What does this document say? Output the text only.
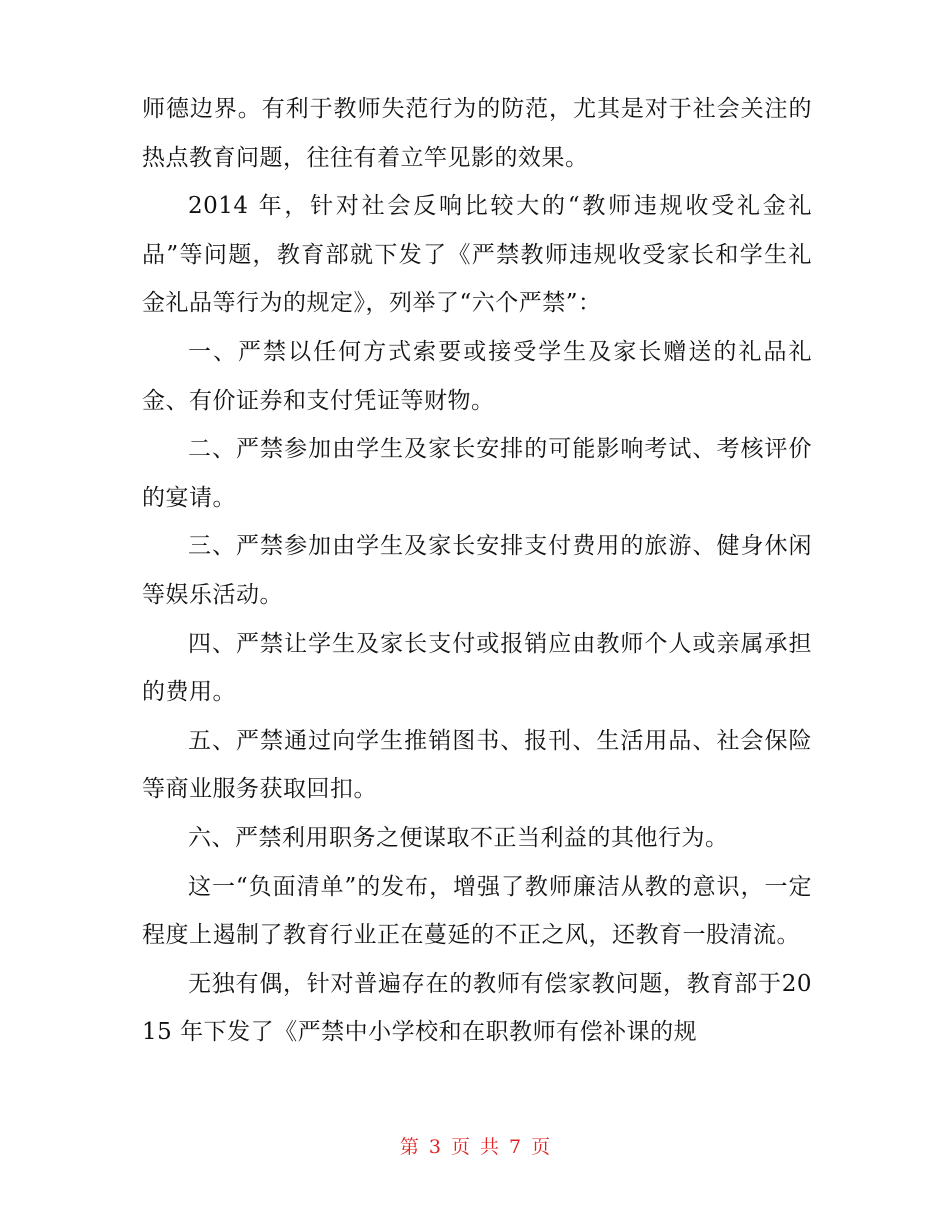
师德边界。有利于教师失范行为的防范，尤其是对于社会关注的热点教育问题，往往有着立竿见影的效果。

2014 年，针对社会反响比较大的“教师违规收受礼金礼品”等问题，教育部就下发了《严禁教师违规收受家长和学生礼金礼品等行为的规定》，列举了“六个严禁”：

一、严禁以任何方式索要或接受学生及家长赠送的礼品礼金、有价证券和支付凭证等财物。

二、严禁参加由学生及家长安排的可能影响考试、考核评价的宴请。

三、严禁参加由学生及家长安排支付费用的旅游、健身休闲等娱乐活动。

四、严禁让学生及家长支付或报销应由教师个人或亲属承担的费用。

五、严禁通过向学生推销图书、报刊、生活用品、社会保险等商业服务获取回扣。

六、严禁利用职务之便谋取不正当利益的其他行为。

这一“负面清单”的发布，增强了教师廉洁从教的意识，一定程度上遏制了教育行业正在蔓延的不正之风，还教育一股清流。

无独有偶，针对普遍存在的教师有偿家教问题，教育部于2015 年下发了《严禁中小学校和在职教师有偿补课的规

第 3 页 共 7 页
